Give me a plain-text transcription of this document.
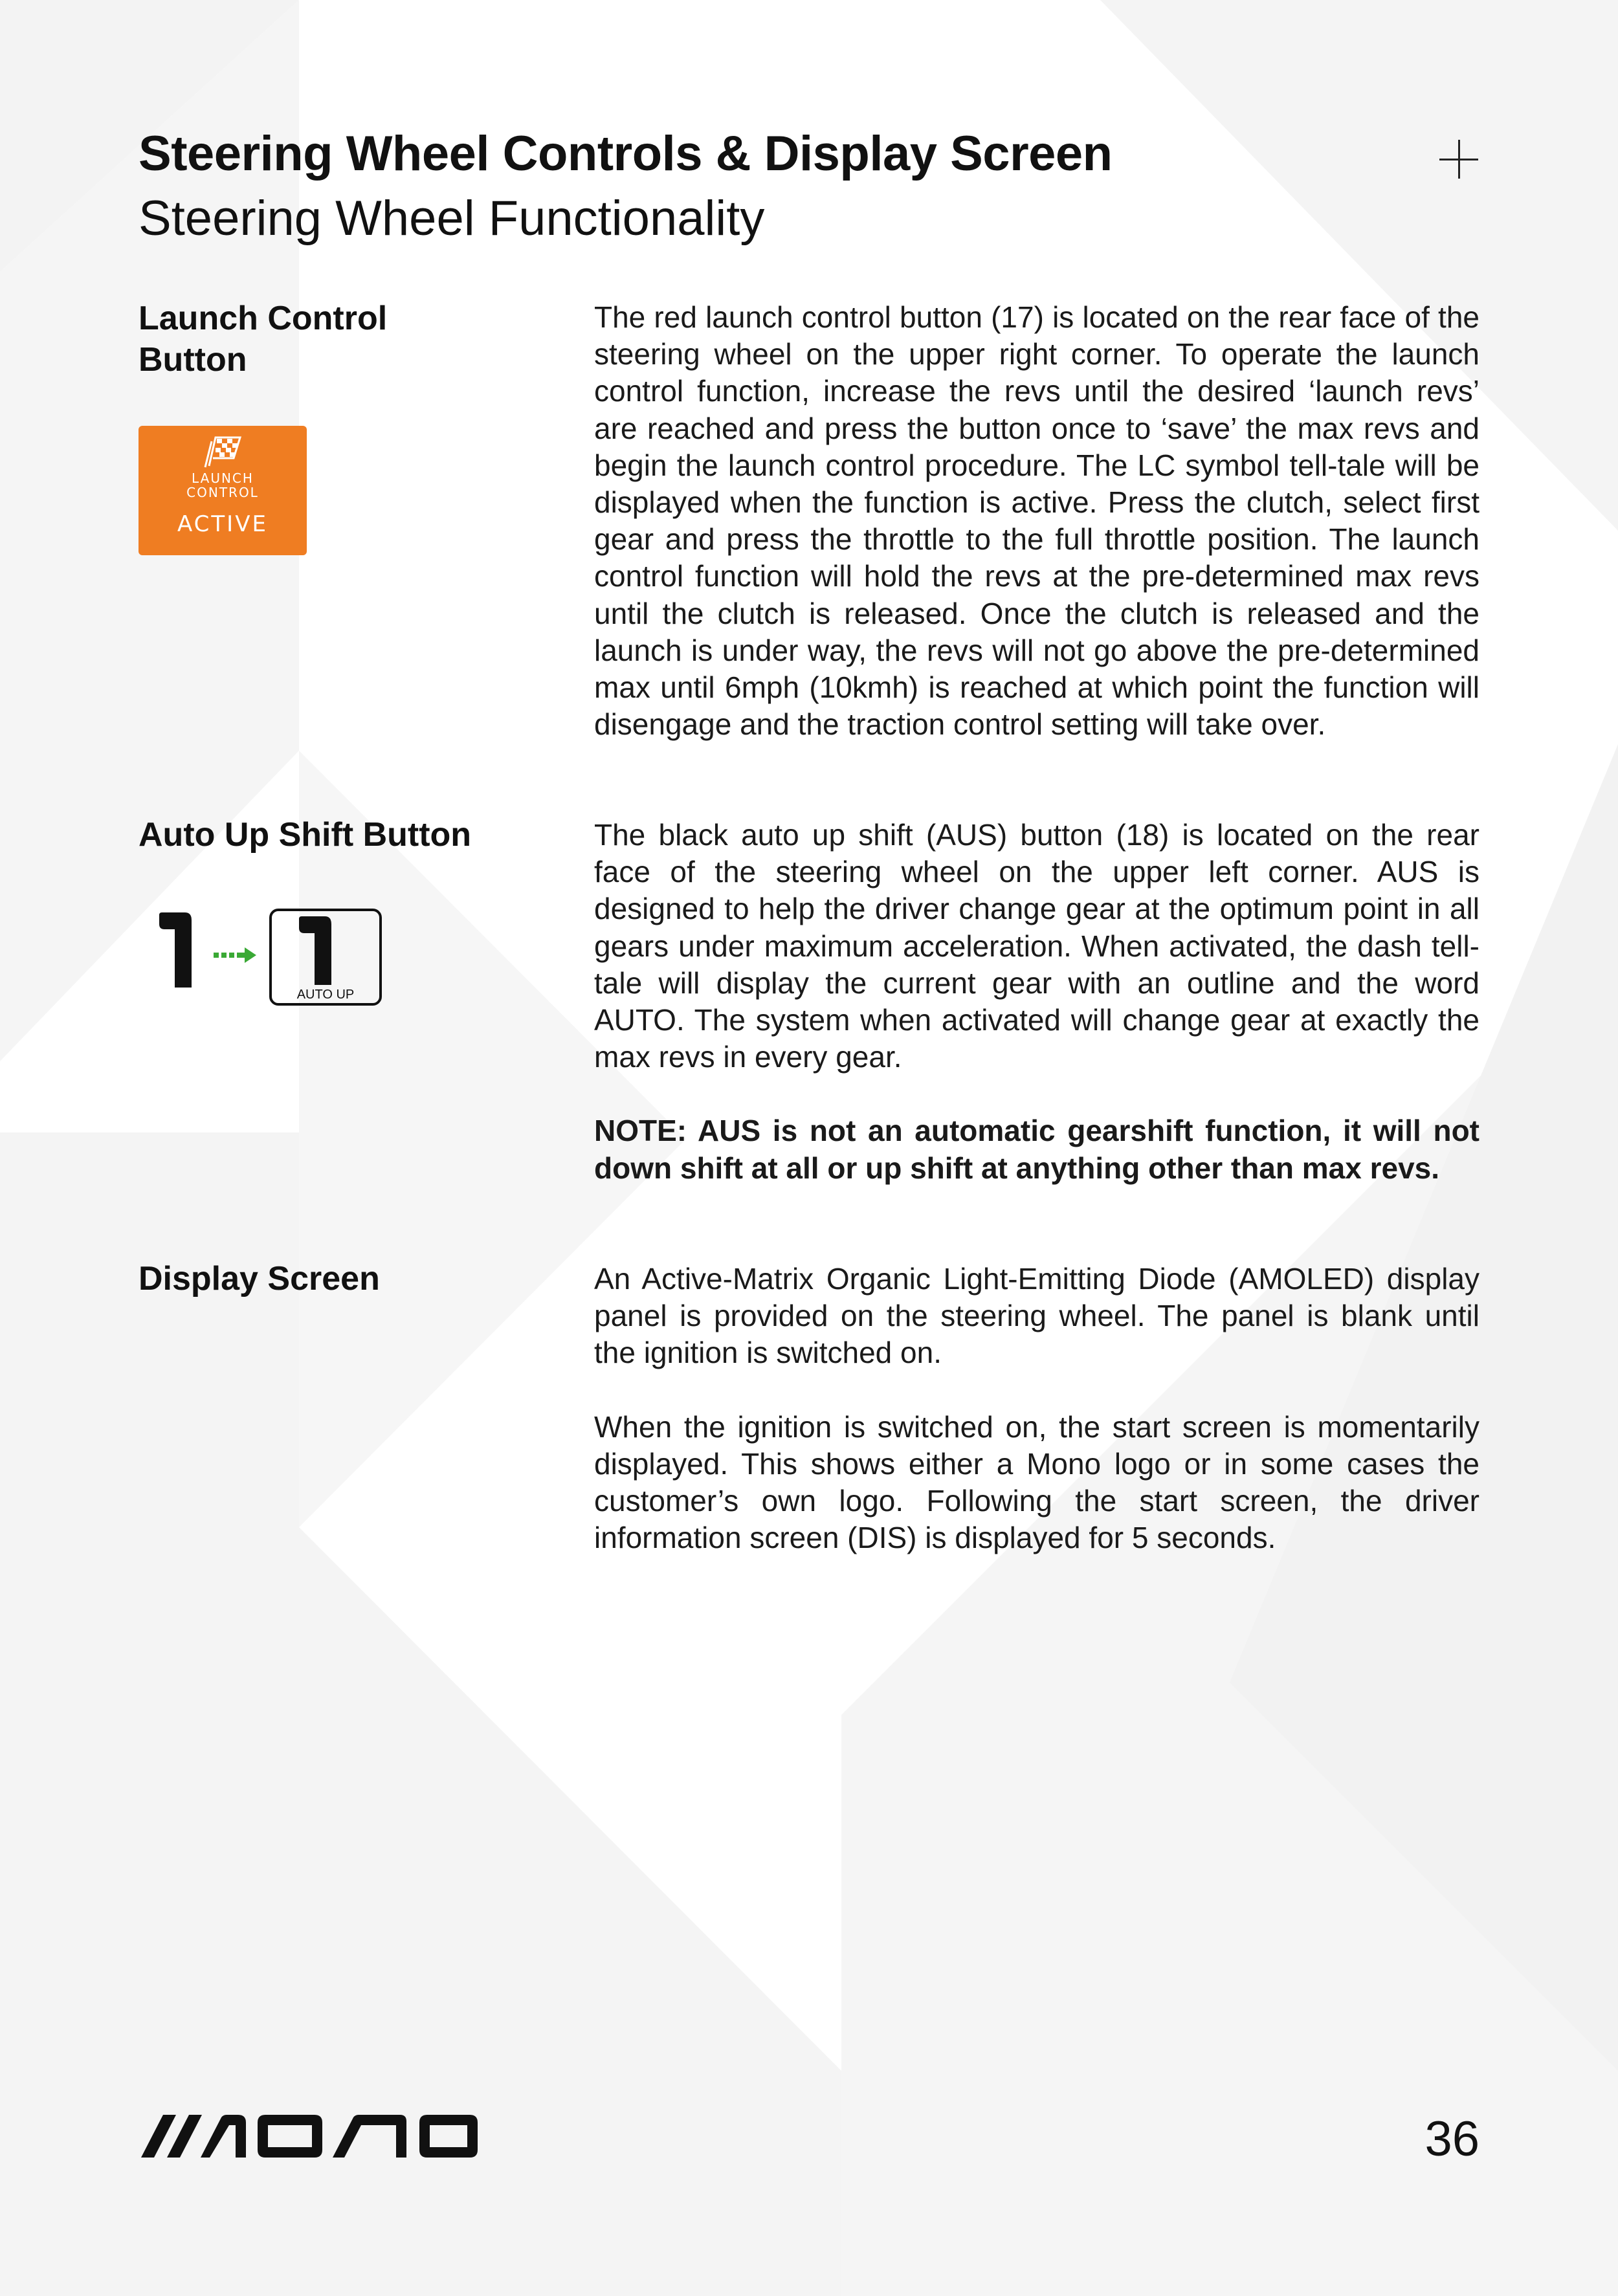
Steering Wheel Controls & Display Screen
Steering Wheel Functionality
Launch Control Button
LAUNCH
CONTROL
ACTIVE

The red launch control button (17) is located on the rear face of the steering wheel on the upper right corner. To operate the launch control function, increase the revs until the desired ‘launch revs’ are reached and press the button once to ‘save’ the max revs and begin the launch control procedure. The LC symbol tell-tale will be displayed when the function is active. Press the clutch, select first gear and press the throttle to the full throttle position. The launch control function will hold the revs at the pre-determined max revs until the clutch is released. Once the clutch is released and the launch is under way, the revs will not go above the pre-determined max until 6mph (10kmh) is reached at which point the function will disengage and the traction control setting will take over.

Auto Up Shift Button
AUTO UP

The black auto up shift (AUS) button (18) is located on the rear face of the steering wheel on the upper left corner. AUS is designed to help the driver change gear at the optimum point in all gears under maximum acceleration. When activated, the dash tell-tale will display the current gear with an outline and the word AUTO. The system when activated will change gear at exactly the max revs in every gear.

NOTE: AUS is not an automatic gearshift function, it will not down shift at all or up shift at anything other than max revs.

Display Screen	An Active-Matrix Organic Light-Emitting Diode (AMOLED) display panel is provided on the steering wheel. The panel is blank until the ignition is switched on.

When the ignition is switched on, the start screen is momentarily displayed. This shows either a Mono logo or in some cases the customer’s own logo. Following the start screen, the driver information screen (DIS) is displayed for 5 seconds.

36
